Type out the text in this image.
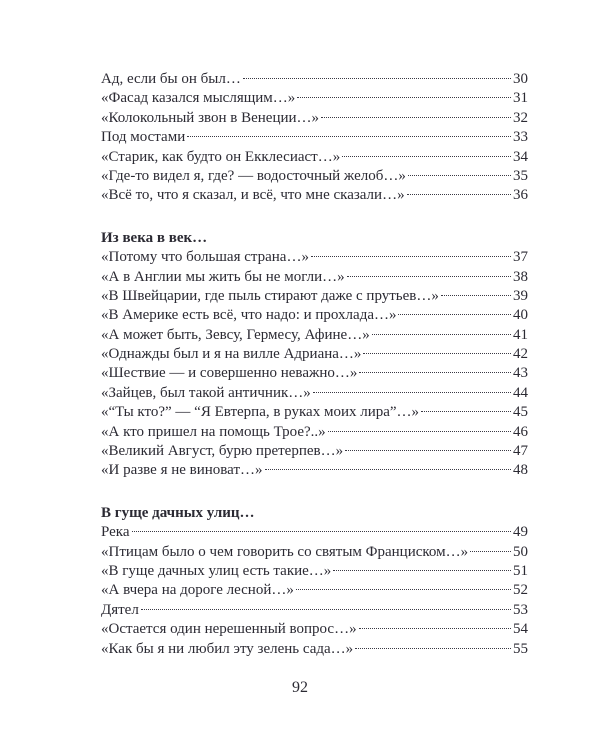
Ад, если бы он был…	30
«Фасад казался мыслящим…»	31
«Колокольный звон в Венеции…»	32
Под мостами	33
«Старик, как будто он Екклесиаст…»	34
«Где-то видел я, где? — водосточный желоб…»	35
«Всё то, что я сказал, и всё, что мне сказали…»	36
Из века в век…
«Потому что большая страна…»	37
«А в Англии мы жить бы не могли…»	38
«В Швейцарии, где пыль стирают даже с прутьев…»	39
«В Америке есть всё, что надо: и прохлада…»	40
«А может быть, Зевсу, Гермесу, Афине…»	41
«Однажды был и я на вилле Адриана…»	42
«Шествие — и совершенно неважно…»	43
«Зайцев, был такой античник…»	44
«“Ты кто?” — “Я Евтерпа, в руках моих лира”…»	45
«А кто пришел на помощь Трое?..»	46
«Великий Август, бурю претерпев…»	47
«И разве я не виноват…»	48
В гуще дачных улиц…
Река	49
«Птицам было о чем говорить со святым Франциском…»	50
«В гуще дачных улиц есть такие…»	51
«А вчера на дороге лесной…»	52
Дятел	53
«Остается один нерешенный вопрос…»	54
«Как бы я ни любил эту зелень сада…»	55
92
